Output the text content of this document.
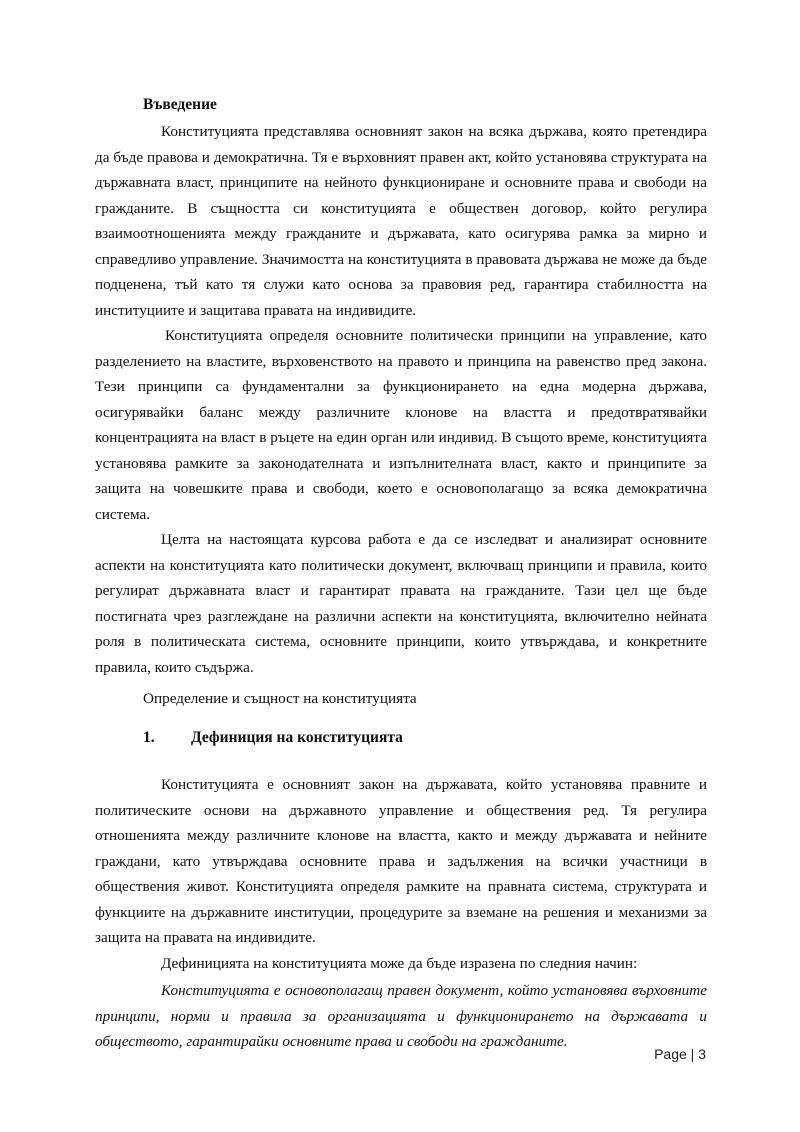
Въведение

Конституцията представлява основният закон на всяка държава, която претендира да бъде правова и демократична. Тя е върховният правен акт, който установява структурата на държавната власт, принципите на нейното функциониране и основните права и свободи на гражданите. В същността си конституцията е обществен договор, който регулира взаимоотношенията между гражданите и държавата, като осигурява рамка за мирно и справедливо управление. Значимостта на конституцията в правовата държава не може да бъде подценена, тъй като тя служи като основа за правовия ред, гарантира стабилността на институциите и защитава правата на индивидите.

Конституцията определя основните политически принципи на управление, като разделението на властите, върховенството на правото и принципа на равенство пред закона. Тези принципи са фундаментални за функционирането на една модерна държава, осигурявайки баланс между различните клонове на властта и предотвратявайки концентрацията на власт в ръцете на един орган или индивид. В същото време, конституцията установява рамките за законодателната и изпълнителната власт, както и принципите за защита на човешките права и свободи, което е основополагащо за всяка демократична система.

Целта на настоящата курсова работа е да се изследват и анализират основните аспекти на конституцията като политически документ, включващ принципи и правила, които регулират държавната власт и гарантират правата на гражданите. Тази цел ще бъде постигната чрез разглеждане на различни аспекти на конституцията, включително нейната роля в политическата система, основните принципи, които утвърждава, и конкретните правила, които съдържа.

Определение и същност на конституцията

1.	Дефиниция на конституцията

Конституцията е основният закон на държавата, който установява правните и политическите основи на държавното управление и обществения ред. Тя регулира отношенията между различните клонове на властта, както и между държавата и нейните граждани, като утвърждава основните права и задължения на всички участници в обществения живот. Конституцията определя рамките на правната система, структурата и функциите на държавните институции, процедурите за вземане на решения и механизми за защита на правата на индивидите.

Дефиницията на конституцията може да бъде изразена по следния начин:

Конституцията е основополагащ правен документ, който установява върховните принципи, норми и правила за организацията и функционирането на държавата и обществото, гарантирайки основните права и свободи на гражданите.

Page | 3
